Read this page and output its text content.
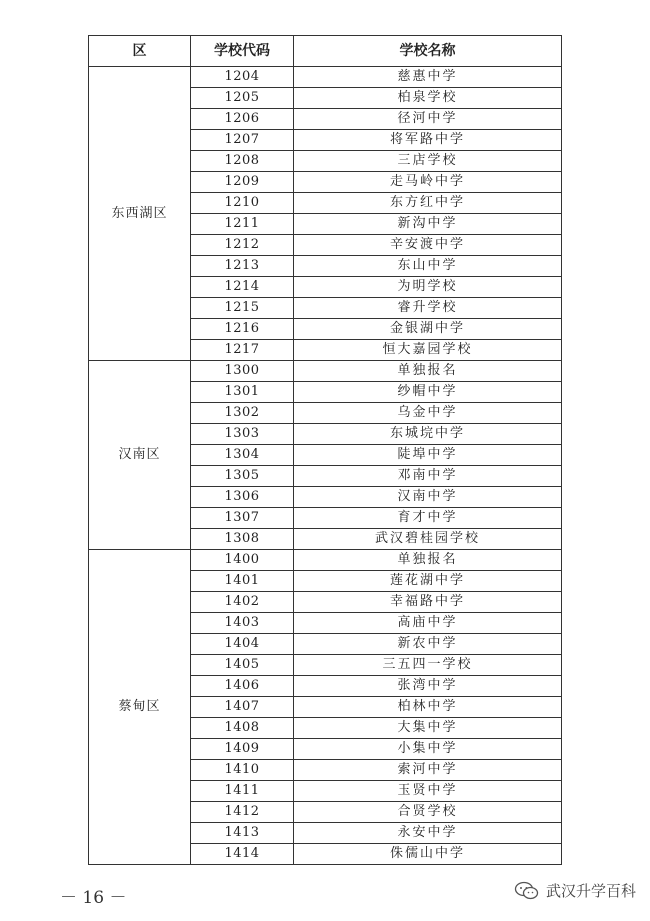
区	学校代码	学校名称
东西湖区	1204	慈惠中学
	1205	柏泉学校
	1206	径河中学
	1207	将军路中学
	1208	三店学校
	1209	走马岭中学
	1210	东方红中学
	1211	新沟中学
	1212	辛安渡中学
	1213	东山中学
	1214	为明学校
	1215	睿升学校
	1216	金银湖中学
	1217	恒大嘉园学校
汉南区	1300	单独报名
	1301	纱帽中学
	1302	乌金中学
	1303	东城垸中学
	1304	陡埠中学
	1305	邓南中学
	1306	汉南中学
	1307	育才中学
	1308	武汉碧桂园学校
蔡甸区	1400	单独报名
	1401	莲花湖中学
	1402	幸福路中学
	1403	高庙中学
	1404	新农中学
	1405	三五四一学校
	1406	张湾中学
	1407	柏林中学
	1408	大集中学
	1409	小集中学
	1410	索河中学
	1411	玉贤中学
	1412	合贤学校
	1413	永安中学
	1414	侏儒山中学
－ 16 －	武汉升学百科
